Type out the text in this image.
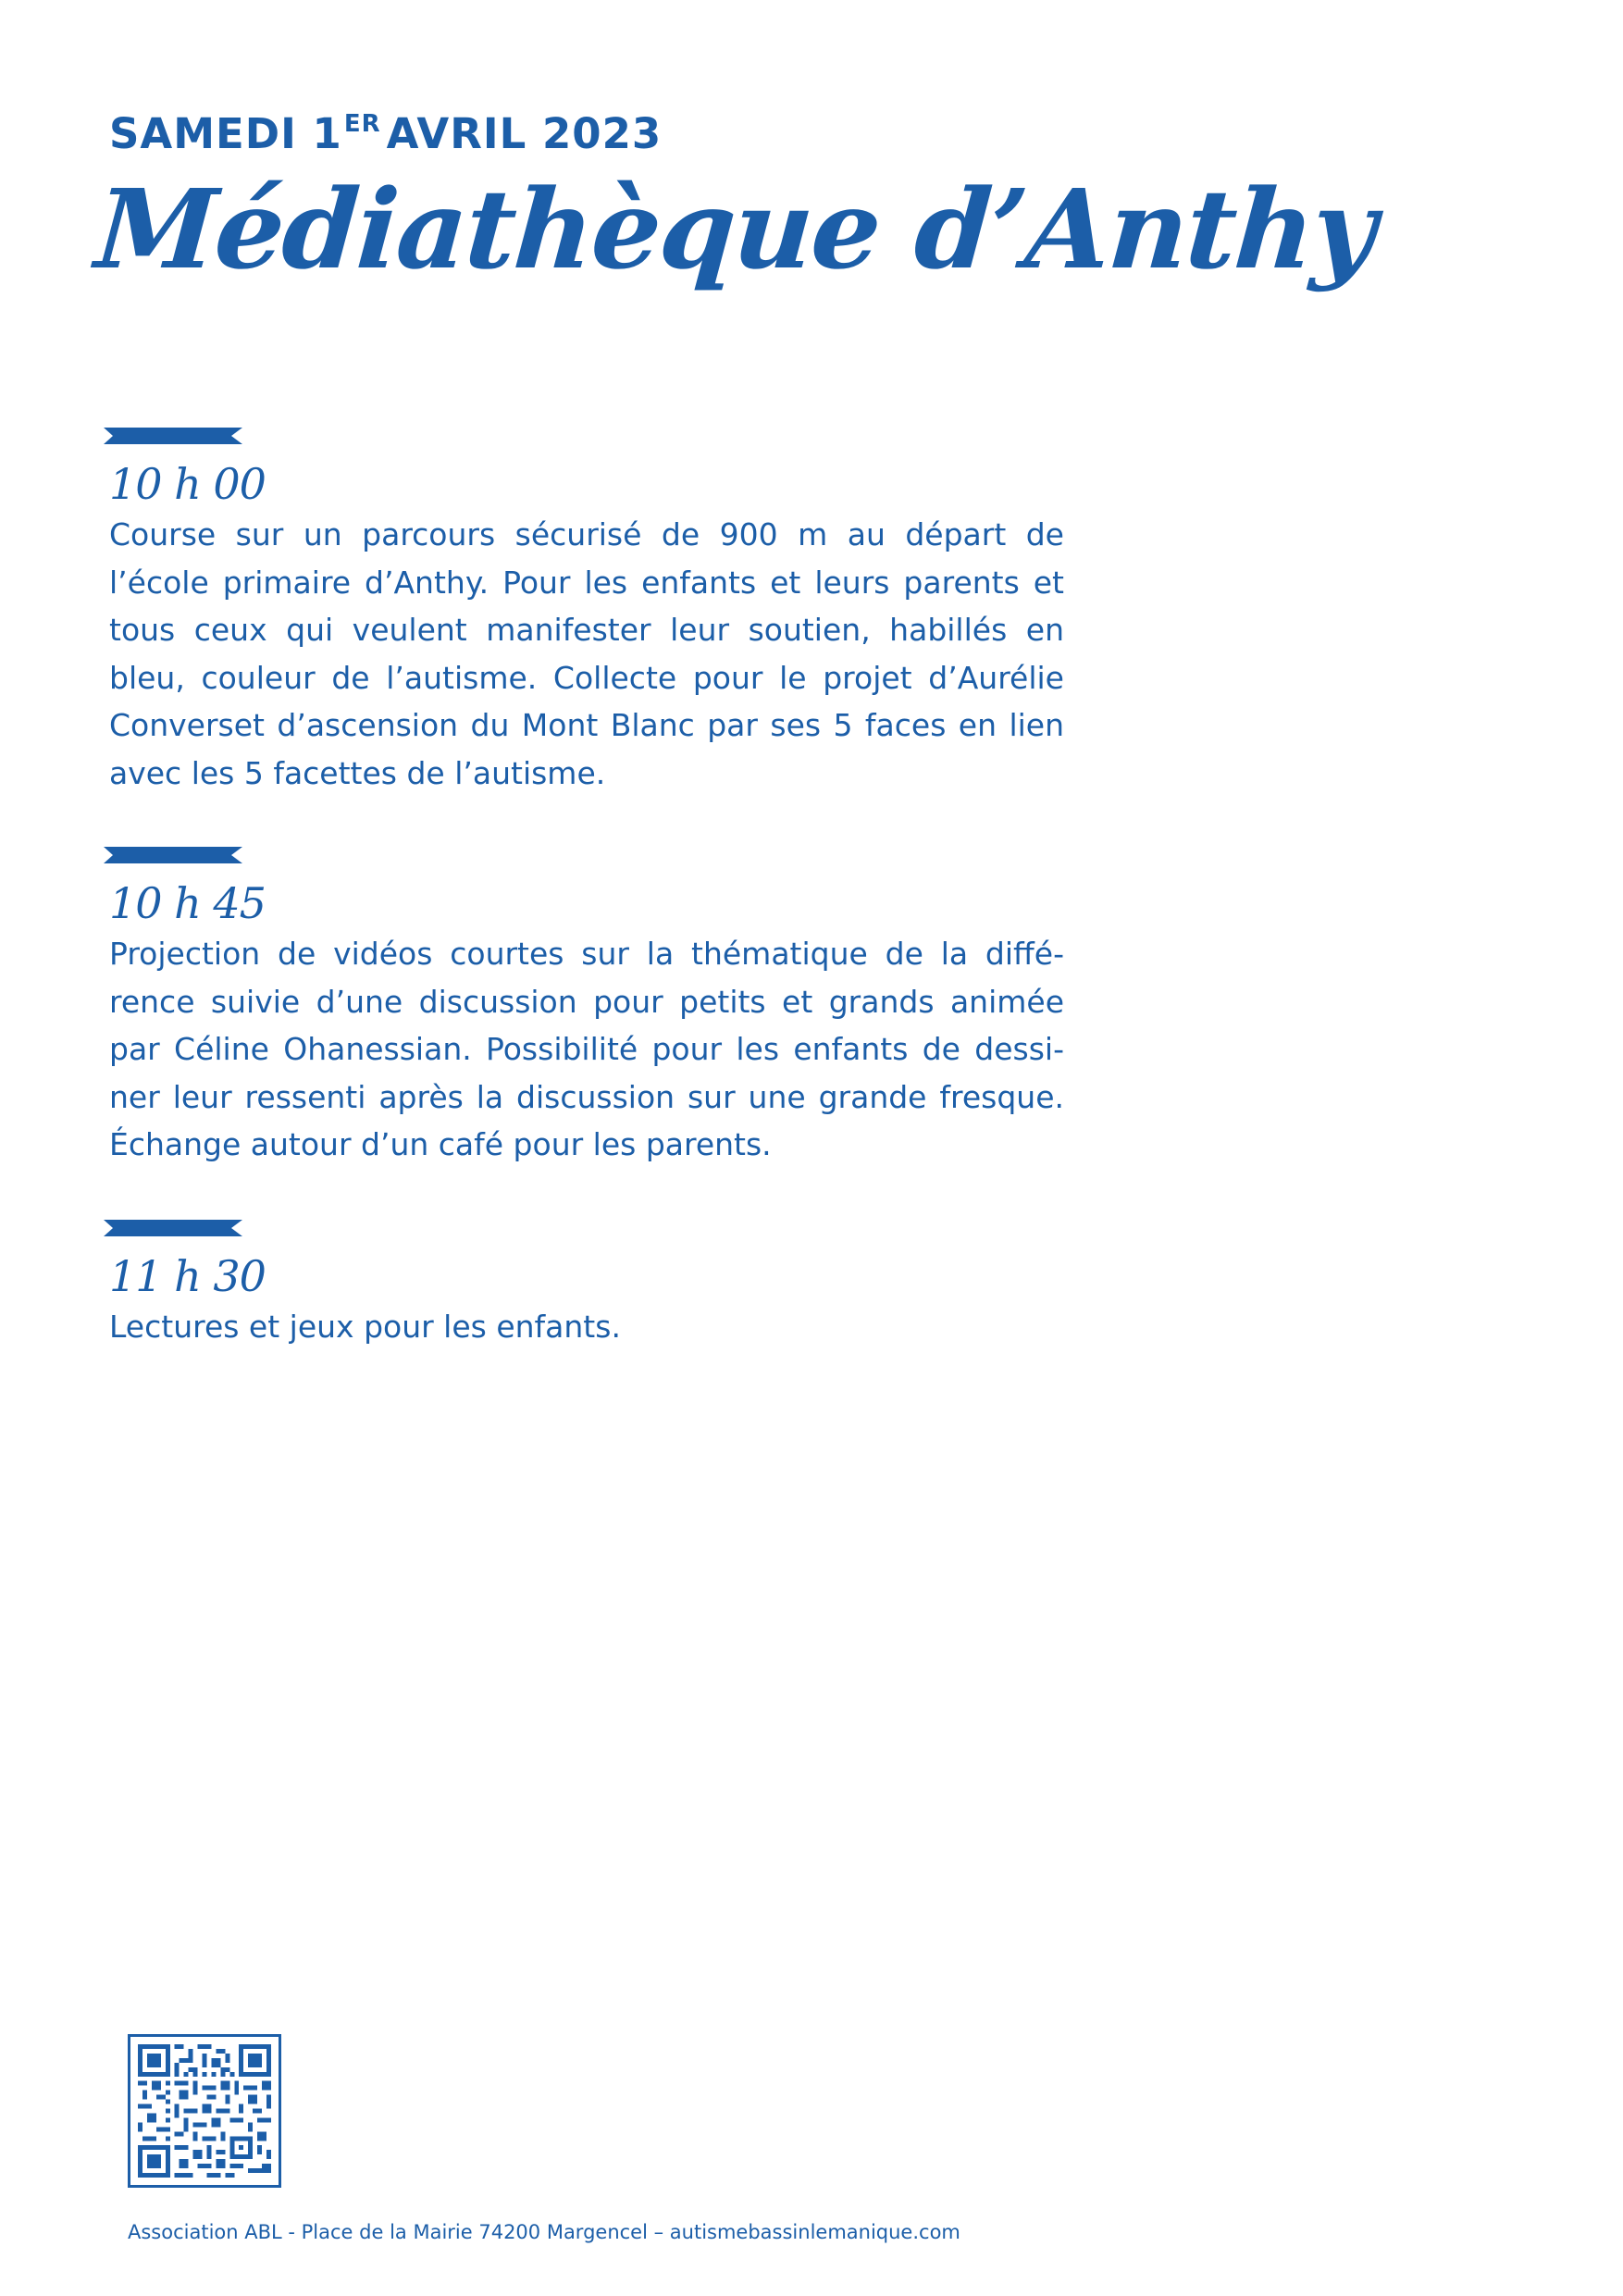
SAMEDI 1ER AVRIL 2023
Médiathèque d’Anthy
10 h 00
Course sur un parcours sécurisé de 900 m au départ de l’école primaire d’Anthy. Pour les enfants et leurs parents et tous ceux qui veulent manifester leur soutien, habillés en bleu, couleur de l’autisme. Collecte pour le projet d’Aurélie Converset d’ascension du Mont Blanc par ses 5 faces en lien avec les 5 facettes de l’autisme.
10 h 45
Projection de vidéos courtes sur la thématique de la différence suivie d’une discussion pour petits et grands animée par Céline Ohanessian. Possibilité pour les enfants de dessiner leur ressenti après la discussion sur une grande fresque. Échange autour d’un café pour les parents.
11 h 30
Lectures et jeux pour les enfants.
Association ABL - Place de la Mairie 74200 Margencel – autismebassinlemanique.com
